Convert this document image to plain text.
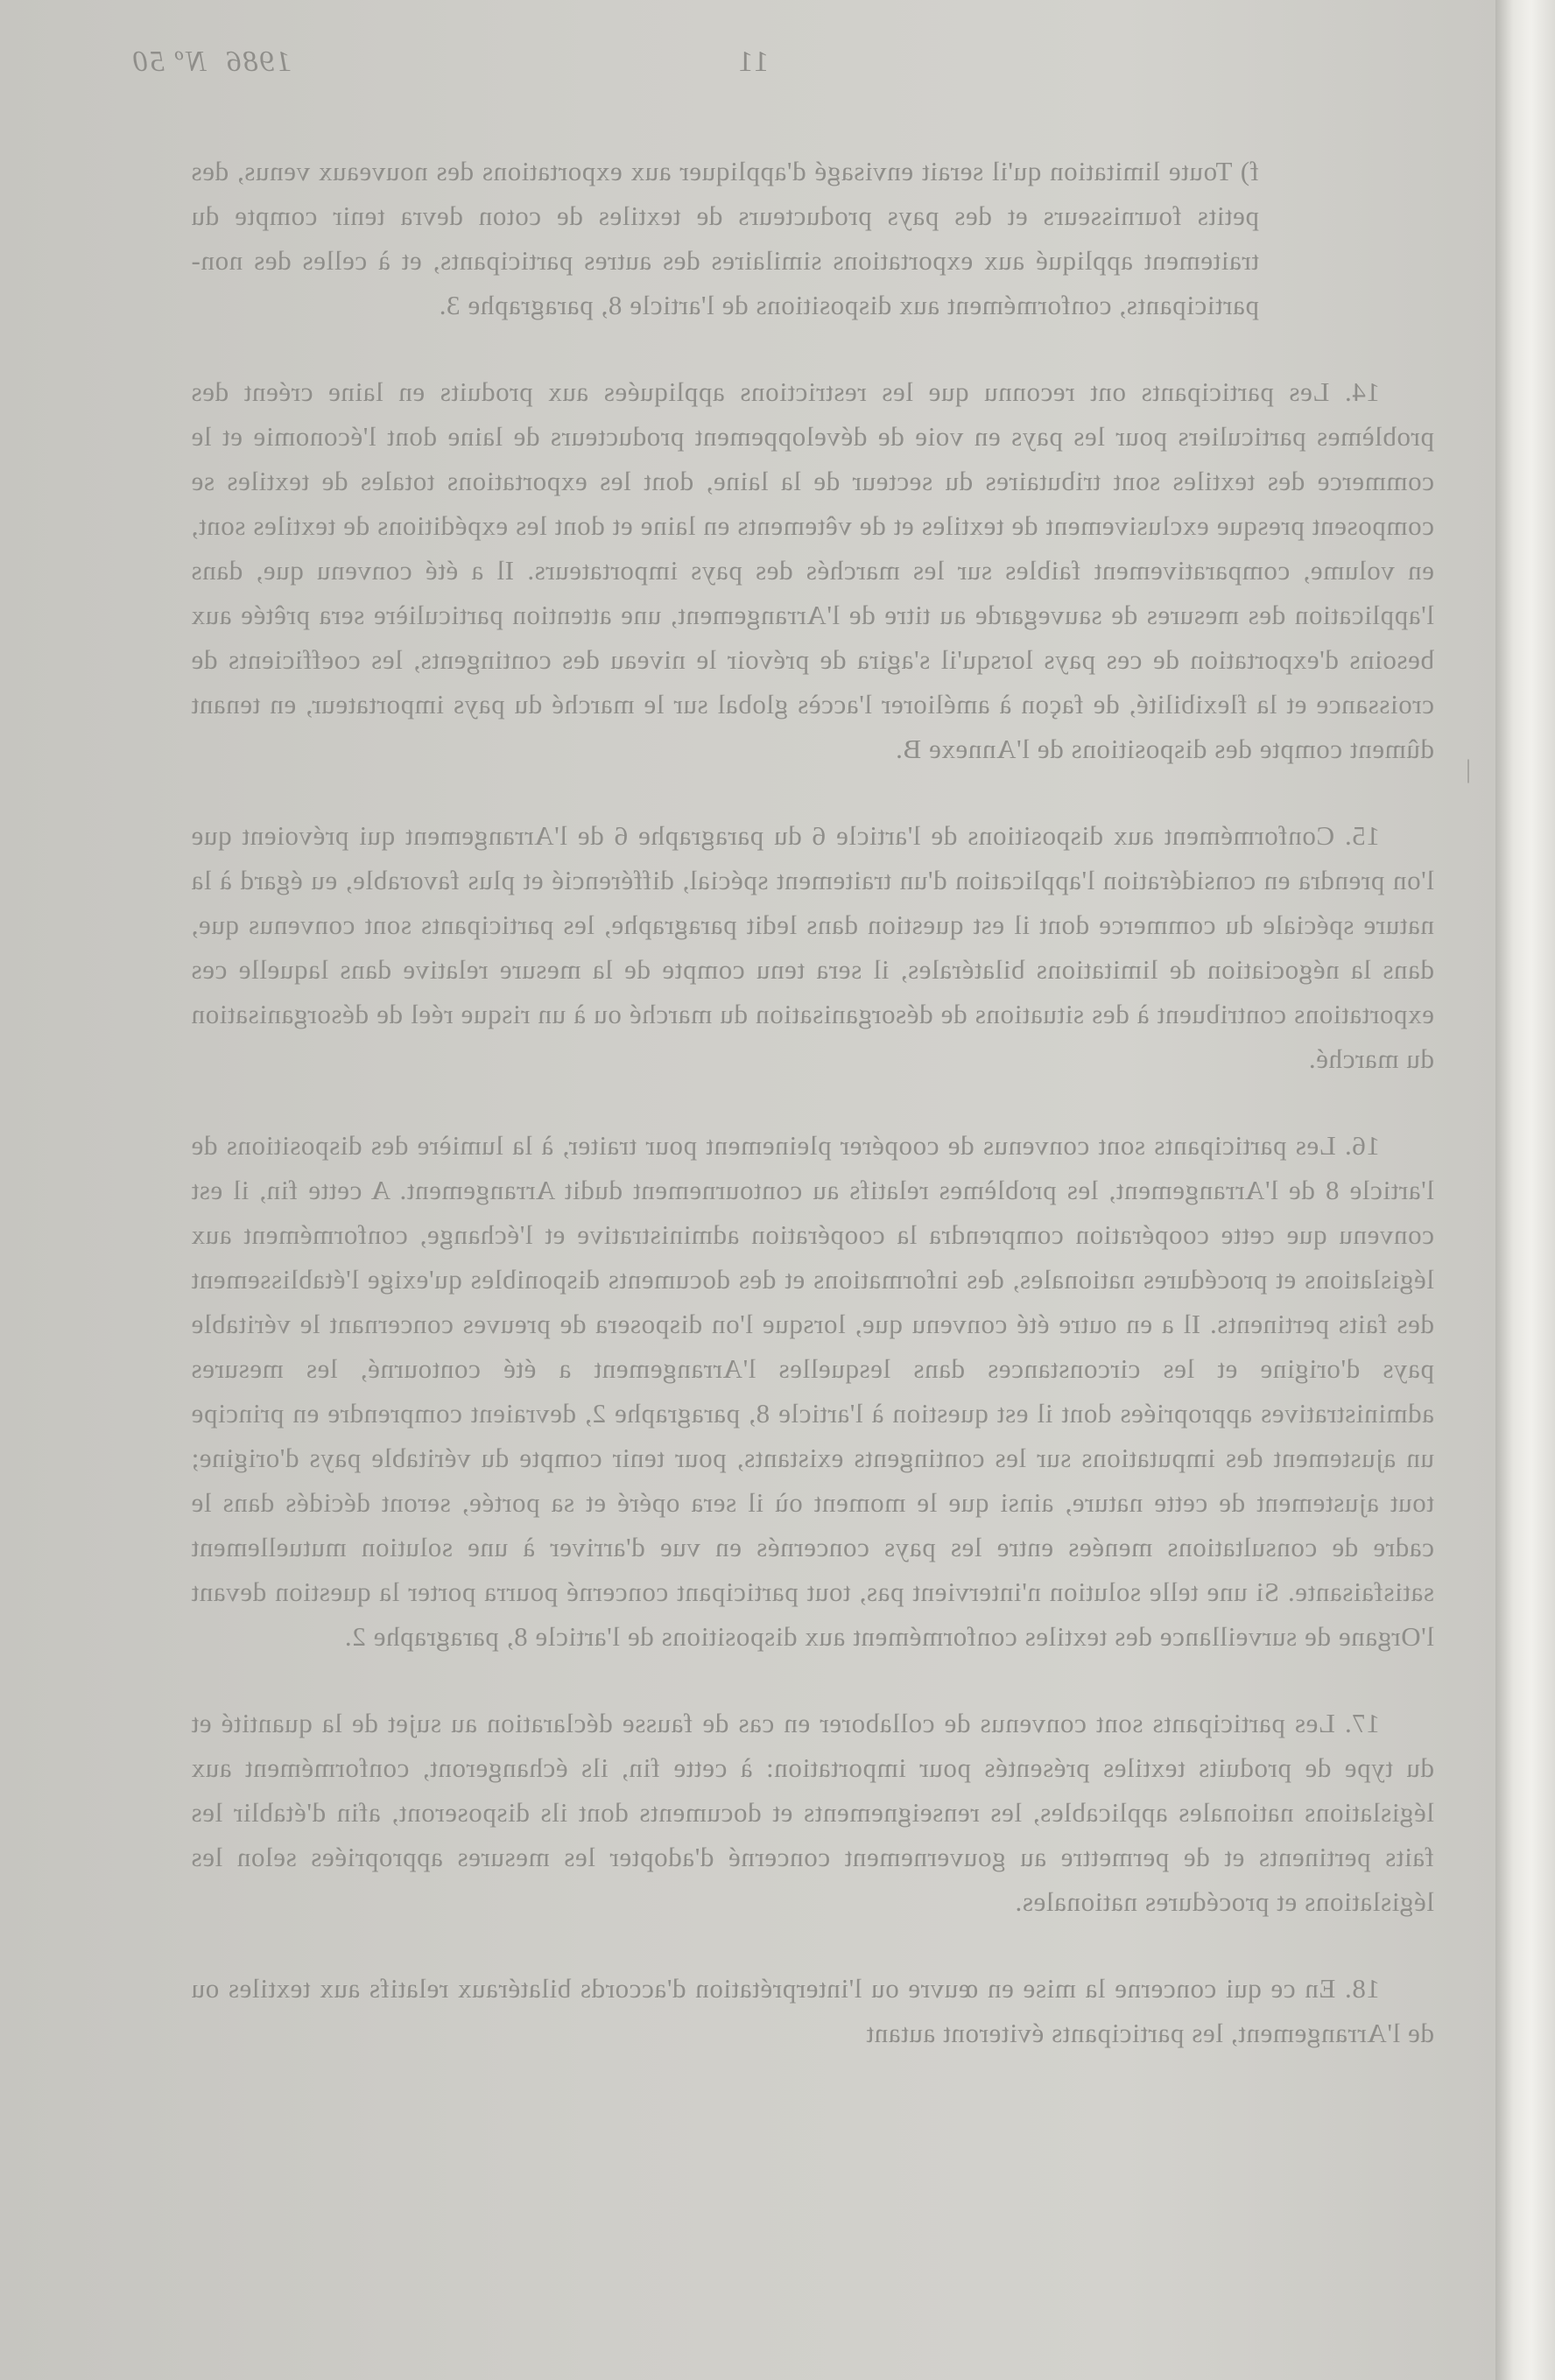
1986  Nº 50	11

f) Toute limitation qu'il serait envisagé d'appliquer aux exportations des nouveaux venus, des petits fournisseurs et des pays producteurs de textiles de coton devra tenir compte du traitement appliqué aux exportations similaires des autres participants, et à celles des non-participants, conformément aux dispositions de l'article 8, paragraphe 3.

14. Les participants ont reconnu que les restrictions appliquées aux produits en laine créent des problèmes particuliers pour les pays en voie de développement producteurs de laine dont l'économie et le commerce des textiles sont tributaires du secteur de la laine, dont les exportations totales de textiles se composent presque exclusivement de textiles et de vêtements en laine et dont les expéditions de textiles sont, en volume, comparativement faibles sur les marchés des pays importateurs. Il a été convenu que, dans l'application des mesures de sauvegarde au titre de l'Arrangement, une attention particulière sera prêtée aux besoins d'exportation de ces pays lorsqu'il s'agira de prévoir le niveau des contingents, les coefficients de croissance et la flexibilité, de façon à améliorer l'accès global sur le marché du pays importateur, en tenant dûment compte des dispositions de l'Annexe B.

15. Conformément aux dispositions de l'article 6 du paragraphe 6 de l'Arrangement qui prévoient que l'on prendra en considération l'application d'un traitement spécial, différencié et plus favorable, eu égard à la nature spéciale du commerce dont il est question dans ledit paragraphe, les participants sont convenus que, dans la négociation de limitations bilatérales, il sera tenu compte de la mesure relative dans laquelle ces exportations contribuent à des situations de désorganisation du marché ou à un risque réel de désorganisation du marché.

16. Les participants sont convenus de coopérer pleinement pour traiter, à la lumière des dispositions de l'article 8 de l'Arrangement, les problèmes relatifs au contournement dudit Arrangement. A cette fin, il est convenu que cette coopération comprendra la coopération administrative et l'échange, conformément aux législations et procédures nationales, des informations et des documents disponibles qu'exige l'établissement des faits pertinents. Il a en outre été convenu que, lorsque l'on disposera de preuves concernant le véritable pays d'origine et les circonstances dans lesquelles l'Arrangement a été contourné, les mesures administratives appropriées dont il est question à l'article 8, paragraphe 2, devraient comprendre en principe un ajustement des imputations sur les contingents existants, pour tenir compte du véritable pays d'origine; tout ajustement de cette nature, ainsi que le moment où il sera opéré et sa portée, seront décidés dans le cadre de consultations menées entre les pays concernés en vue d'arriver à une solution mutuellement satisfaisante. Si une telle solution n'intervient pas, tout participant concerné pourra porter la question devant l'Organe de surveillance des textiles conformément aux dispositions de l'article 8, paragraphe 2.

17. Les participants sont convenus de collaborer en cas de fausse déclaration au sujet de la quantité et du type de produits textiles présentés pour importation: à cette fin, ils échangeront, conformément aux législations nationales applicables, les renseignements et documents dont ils disposeront, afin d'établir les faits pertinents et de permettre au gouvernement concerné d'adopter les mesures appropriées selon les législations et procédures nationales.

18. En ce qui concerne la mise en œuvre ou l'interprétation d'accords bilatéraux relatifs aux textiles ou de l'Arrangement, les participants éviteront autant

|
